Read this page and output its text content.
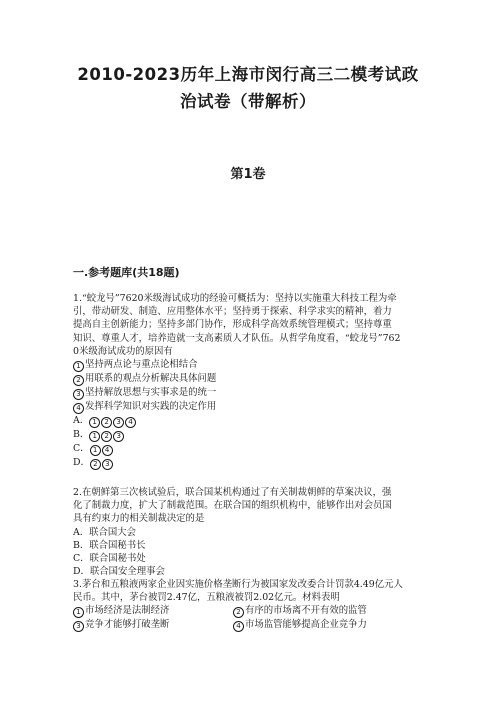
2010-2023历年上海市闵行高三二模考试政
治试卷（带解析）
第1卷
一.参考题库(共18题)

1.“蛟龙号”7620米级海试成功的经验可概括为：坚持以实施重大科技工程为牵

引，带动研发、制造、应用整体水平；坚持勇于探索、科学求实的精神，着力

提高自主创新能力；坚持多部门协作，形成科学高效系统管理模式；坚持尊重

知识、尊重人才，培养造就一支高素质人才队伍。从哲学角度看，“蛟龙号”762

0米级海试成功的原因有

1 坚持两点论与重点论相结合

2 用联系的观点分析解决具体问题

3 坚持解放思想与实事求是的统一

4 发挥科学知识对实践的决定作用

A． 1 2 3 4

B． 1 2 3

C． 1 4

D． 2 3

2.在朝鲜第三次核试验后，联合国某机构通过了有关制裁朝鲜的草案决议，强

化了制裁力度，扩大了制裁范围。在联合国的组织机构中，能够作出对会员国

具有约束力的相关制裁决定的是

A．联合国大会

B．联合国秘书长

C．联合国秘书处

D．联合国安全理事会

3.茅台和五粮液两家企业因实施价格垄断行为被国家发改委合计罚款4.49亿元人

民币。其中，茅台被罚2.47亿，五粮液被罚2.02亿元。材料表明

1 市场经济是法制经济	2 有序的市场离不开有效的监管
3 竞争才能够打破垄断	4 市场监管能够提高企业竞争力
